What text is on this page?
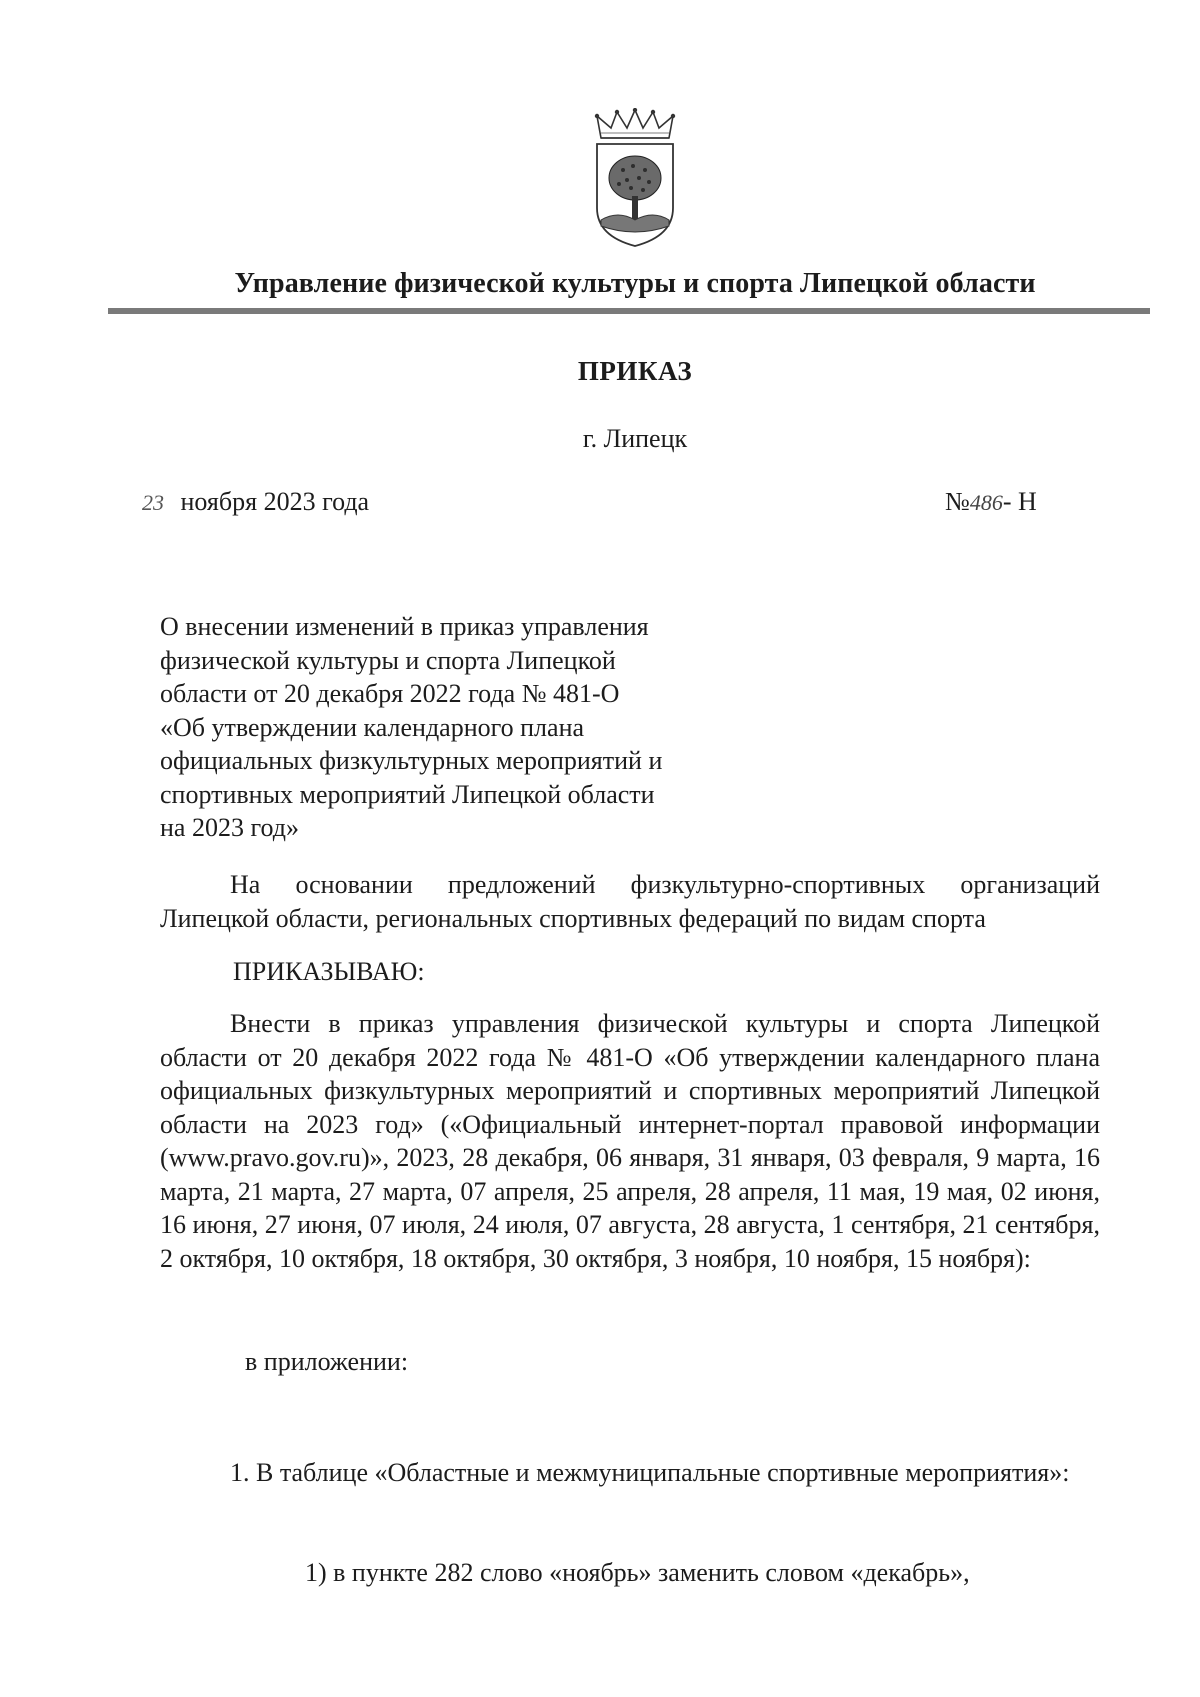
Управление физической культуры и спорта Липецкой области
ПРИКАЗ
г. Липецк
23 ноября 2023 года	№486- Н
О внесении изменений в приказ управления
физической культуры и спорта Липецкой
области от 20 декабря 2022 года № 481-О
«Об утверждении календарного плана
официальных физкультурных мероприятий и
спортивных мероприятий Липецкой области
на 2023 год»

На основании предложений физкультурно-спортивных организаций Липецкой области, региональных спортивных федераций по видам спорта

ПРИКАЗЫВАЮ:

Внести в приказ управления физической культуры и спорта Липецкой области от 20 декабря 2022 года № 481-О «Об утверждении календарного плана официальных физкультурных мероприятий и спортивных мероприятий Липецкой области на 2023 год» («Официальный интернет-портал правовой информации (www.pravo.gov.ru)», 2023, 28 декабря, 06 января, 31 января, 03 февраля, 9 марта, 16 марта, 21 марта, 27 марта, 07 апреля, 25 апреля, 28 апреля, 11 мая, 19 мая, 02 июня, 16 июня, 27 июня, 07 июля, 24 июля, 07 августа, 28 августа, 1 сентября, 21 сентября, 2 октября, 10 октября, 18 октября, 30 октября, 3 ноября, 10 ноября, 15 ноября):

в приложении:

1. В таблице «Областные и межмуниципальные спортивные мероприятия»:

1) в пункте 282 слово «ноябрь» заменить словом «декабрь»,
